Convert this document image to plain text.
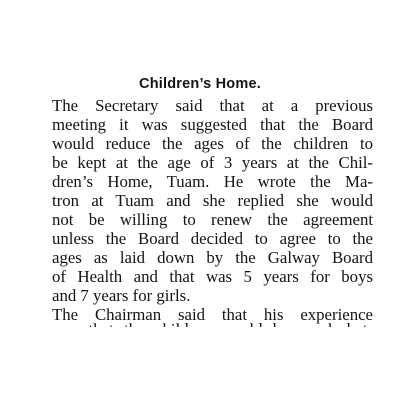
Children’s Home.
The Secretary said that at a previous
meeting it was suggested that the Board
would reduce the ages of the children to
be kept at the age of 3 years at the Chil-
dren’s Home, Tuam. He wrote the Ma-
tron at Tuam and she replied she would
not be willing to renew the agreement
unless the Board decided to agree to the
ages as laid down by the Galway Board
of Health and that was 5 years for boys
and 7 years for girls.
The Chairman said that his experience
